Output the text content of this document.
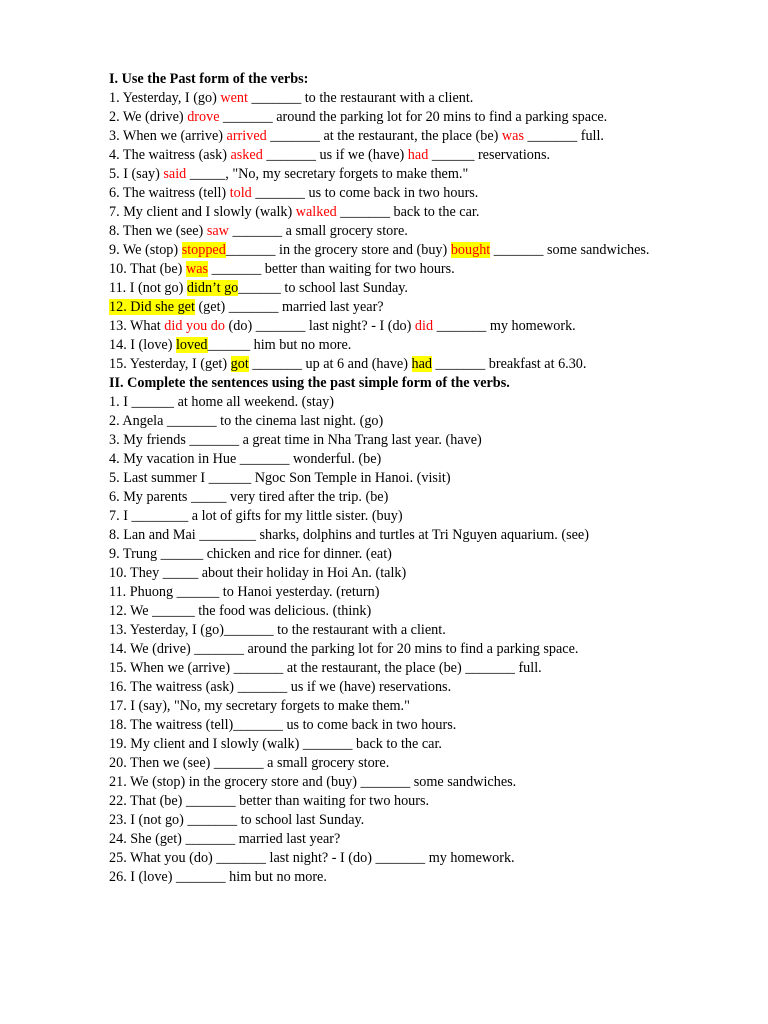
I. Use the Past form of the verbs:
1. Yesterday, I (go) went _______ to the restaurant with a client.
2. We (drive) drove _______ around the parking lot for 20 mins to find a parking space.
3. When we (arrive) arrived _______ at the restaurant, the place (be) was _______ full.
4. The waitress (ask) asked _______ us if we (have) had ______ reservations.
5. I (say) said _____, "No, my secretary forgets to make them."
6. The waitress (tell) told _______ us to come back in two hours.
7. My client and I slowly (walk) walked _______ back to the car.
8. Then we (see) saw _______ a small grocery store.
9. We (stop) stopped_______ in the grocery store and (buy) bought _______ some sandwiches.
10. That (be) was _______ better than waiting for two hours.
11. I (not go) didn’t go______ to school last Sunday.
12. Did she get (get) _______ married last year?
13. What did you do (do) _______ last night? - I (do) did _______ my homework.
14. I (love) loved______ him but no more.
15. Yesterday, I (get) got _______ up at 6 and (have) had _______ breakfast at 6.30.
II. Complete the sentences using the past simple form of the verbs.
1. I ______ at home all weekend. (stay)
2. Angela _______ to the cinema last night. (go)
3. My friends _______ a great time in Nha Trang last year. (have)
4. My vacation in Hue _______ wonderful. (be)
5. Last summer I ______ Ngoc Son Temple in Hanoi. (visit)
6. My parents _____ very tired after the trip. (be)
7. I ________ a lot of gifts for my little sister. (buy)
8. Lan and Mai ________ sharks, dolphins and turtles at Tri Nguyen aquarium. (see)
9. Trung ______ chicken and rice for dinner. (eat)
10. They _____ about their holiday in Hoi An. (talk)
11. Phuong ______ to Hanoi yesterday. (return)
12. We ______ the food was delicious. (think)
13. Yesterday, I (go)_______ to the restaurant with a client.
14. We (drive) _______ around the parking lot for 20 mins to find a parking space.
15. When we (arrive) _______ at the restaurant, the place (be) _______ full.
16. The waitress (ask) _______ us if we (have) reservations.
17. I (say), "No, my secretary forgets to make them."
18. The waitress (tell)_______ us to come back in two hours.
19. My client and I slowly (walk) _______ back to the car.
20. Then we (see) _______ a small grocery store.
21. We (stop) in the grocery store and (buy) _______ some sandwiches.
22. That (be) _______ better than waiting for two hours.
23. I (not go) _______ to school last Sunday.
24. She (get) _______ married last year?
25. What you (do) _______ last night? - I (do) _______ my homework.
26. I (love) _______ him but no more.
